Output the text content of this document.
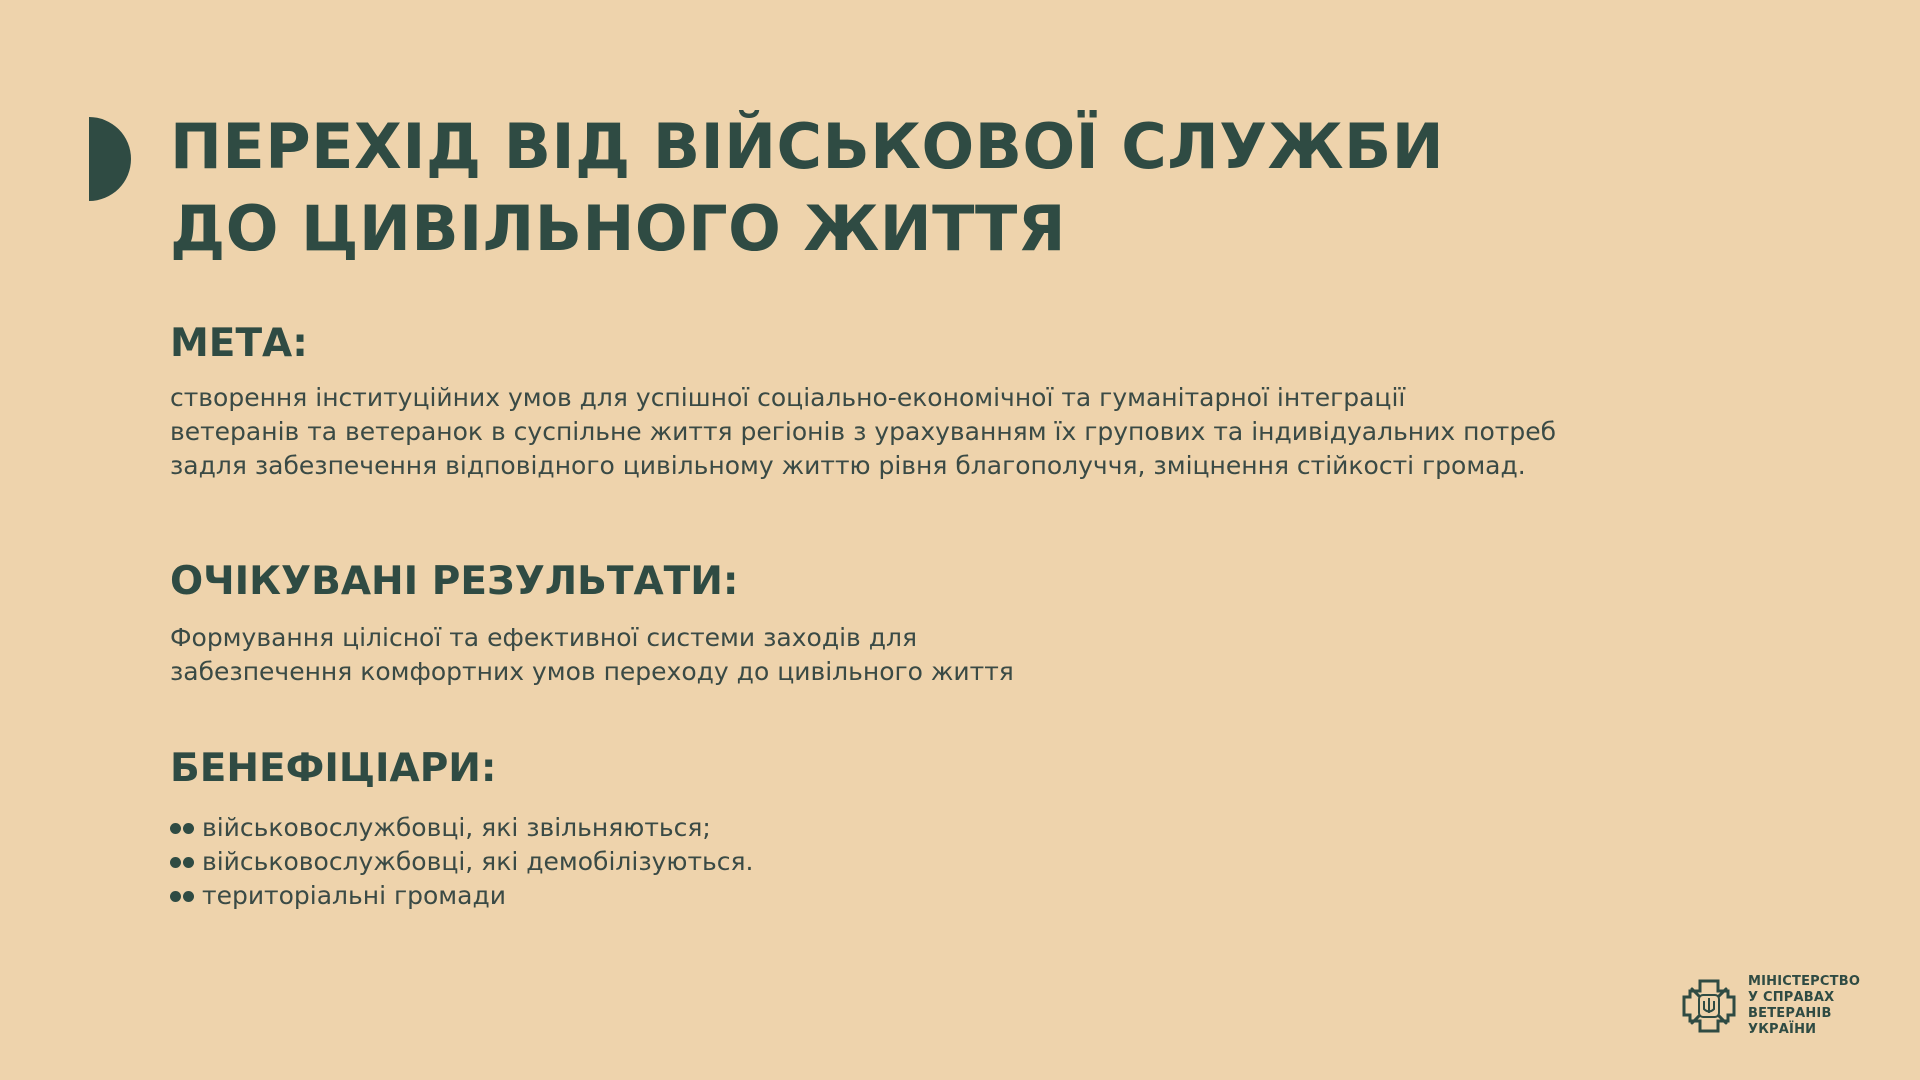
ПЕРЕХІД ВІД ВІЙСЬКОВОЇ СЛУЖБИ
ДО ЦИВІЛЬНОГО ЖИТТЯ
МЕТА:
створення інституційних умов для успішної соціально-економічної та гуманітарної інтеграції
ветеранів та ветеранок в суспільне життя регіонів з урахуванням їх групових та індивідуальних потреб
задля забезпечення відповідного цивільному життю рівня благополуччя, зміцнення стійкості громад.
ОЧІКУВАНІ РЕЗУЛЬТАТИ:
Формування цілісної та ефективної системи заходів для
забезпечення комфортних умов переходу до цивільного життя
БЕНЕФІЦІАРИ:
військовослужбовці, які звільняються;
військовослужбовці, які демобілізуються.
територіальні громади
МІНІСТЕРСТВО
У СПРАВАХ
ВЕТЕРАНІВ
УКРАЇНИ
